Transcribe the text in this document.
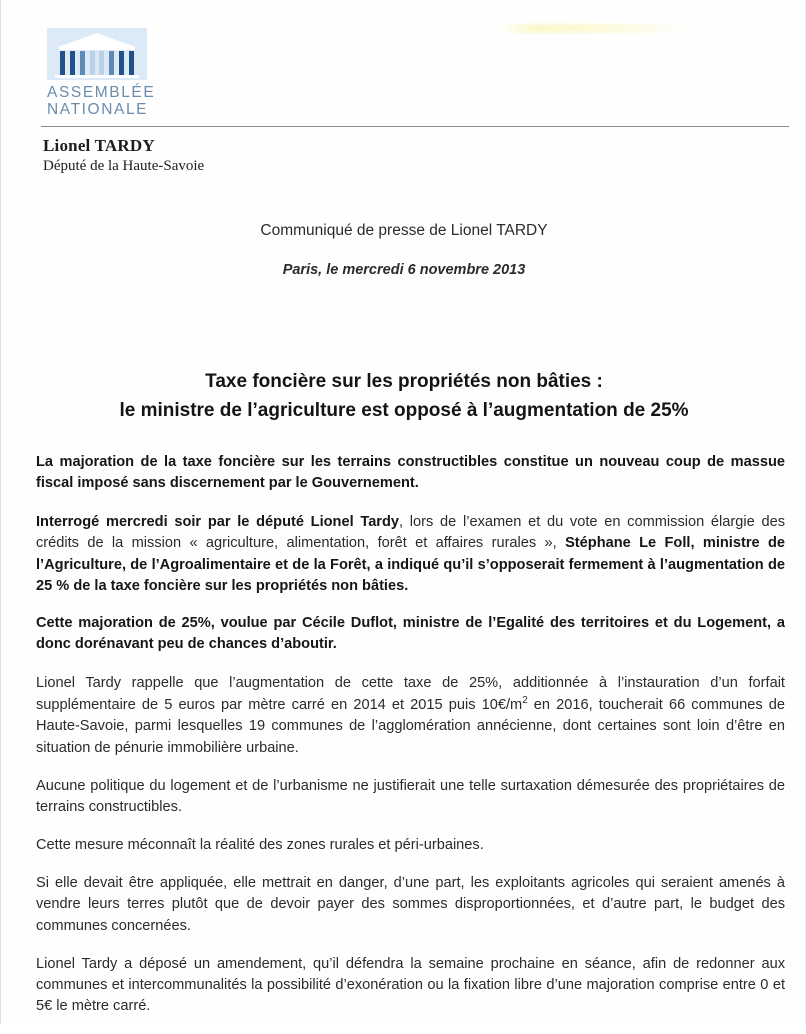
ASSEMBLÉE
NATIONALE
Lionel TARDY
Député de la Haute-Savoie
Communiqué de presse de Lionel TARDY
Paris, le mercredi 6 novembre 2013
Taxe foncière sur les propriétés non bâties :
le ministre de l’agriculture est opposé à l’augmentation de 25%

La majoration de la taxe foncière sur les terrains constructibles constitue un nouveau coup de massue fiscal imposé sans discernement par le Gouvernement.

Interrogé mercredi soir par le député Lionel Tardy, lors de l’examen et du vote en commission élargie des crédits de la mission « agriculture, alimentation, forêt et affaires rurales », Stéphane Le Foll, ministre de l’Agriculture, de l’Agroalimentaire et de la Forêt, a indiqué qu’il s’opposerait fermement à l’augmentation de 25 % de la taxe foncière sur les propriétés non bâties.

Cette majoration de 25%, voulue par Cécile Duflot, ministre de l’Egalité des territoires et du Logement, a donc dorénavant peu de chances d’aboutir.

Lionel Tardy rappelle que l’augmentation de cette taxe de 25%, additionnée à l’instauration d’un forfait supplémentaire de 5 euros par mètre carré en 2014 et 2015 puis $10€/m^2$ en 2016, toucherait 66 communes de Haute-Savoie, parmi lesquelles 19 communes de l’agglomération annécienne, dont certaines sont loin d’être en situation de pénurie immobilière urbaine.

Aucune politique du logement et de l’urbanisme ne justifierait une telle surtaxation démesurée des propriétaires de terrains constructibles.

Cette mesure méconnaît la réalité des zones rurales et péri-urbaines.

Si elle devait être appliquée, elle mettrait en danger, d’une part, les exploitants agricoles qui seraient amenés à vendre leurs terres plutôt que de devoir payer des sommes disproportionnées, et d’autre part, le budget des communes concernées.

Lionel Tardy a déposé un amendement, qu’il défendra la semaine prochaine en séance, afin de redonner aux communes et intercommunalités la possibilité d’exonération ou la fixation libre d’une majoration comprise entre 0 et 5€ le mètre carré.
